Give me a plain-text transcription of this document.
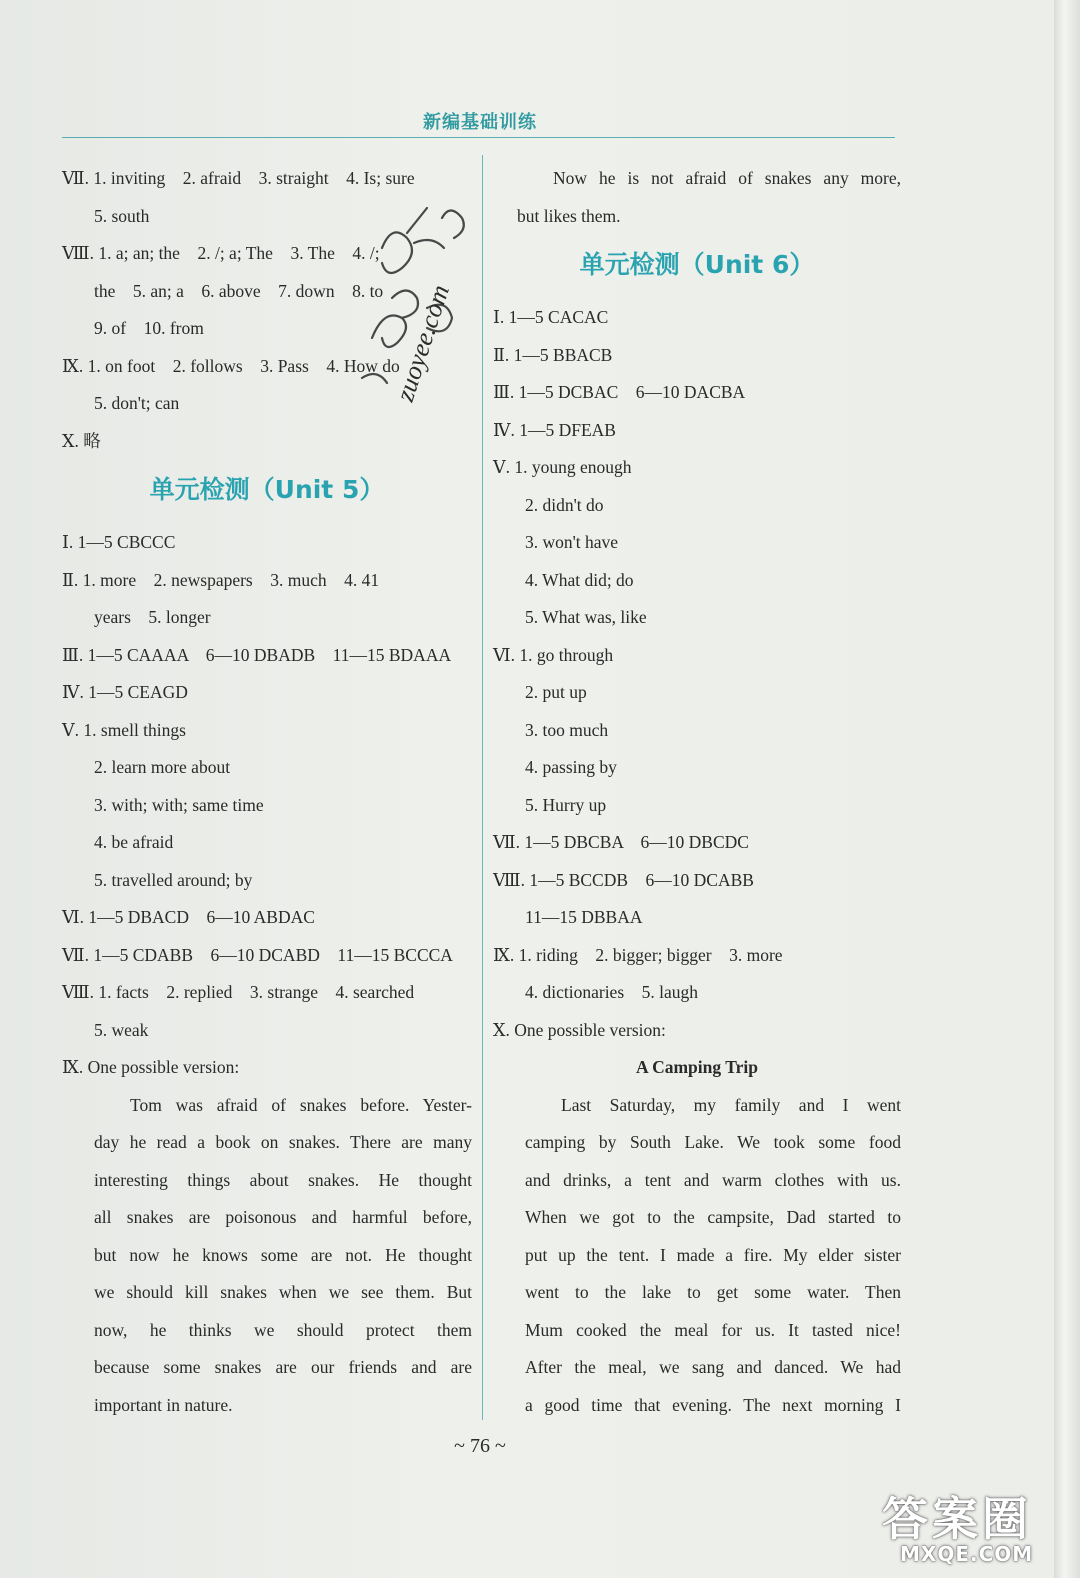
新编基础训练
Ⅶ. 1. inviting　2. afraid　3. straight　4. Is; sure
5. south
Ⅷ. 1. a; an; the　2. /; a; The　3. The　4. /;
the　5. an; a　6. above　7. down　8. to
9. of　10. from
Ⅸ. 1. on foot　2. follows　3. Pass　4. How do
5. don't; can
Ⅹ. 略
单元检测（Unit 5）
Ⅰ. 1—5 CBCCC
Ⅱ. 1. more　2. newspapers　3. much　4. 41
years　5. longer
Ⅲ. 1—5 CAAAA　6—10 DBADB　11—15 BDAAA
Ⅳ. 1—5 CEAGD
Ⅴ. 1. smell things
2. learn more about
3. with; with; same time
4. be afraid
5. travelled around; by
Ⅵ. 1—5 DBACD　6—10 ABDAC
Ⅶ. 1—5 CDABB　6—10 DCABD　11—15 BCCCA
Ⅷ. 1. facts　2. replied　3. strange　4. searched
5. weak
Ⅸ. One possible version:
Tom was afraid of snakes before. Yester-
day he read a book on snakes. There are many
interesting things about snakes. He thought
all snakes are poisonous and harmful before,
but now he knows some are not. He thought
we should kill snakes when we see them. But
now, he thinks we should protect them
because some snakes are our friends and are
important in nature.
Now he is not afraid of snakes any more,
but likes them.
单元检测（Unit 6）
Ⅰ. 1—5 CACAC
Ⅱ. 1—5 BBACB
Ⅲ. 1—5 DCBAC　6—10 DACBA
Ⅳ. 1—5 DFEAB
Ⅴ. 1. young enough
2. didn't do
3. won't have
4. What did; do
5. What was, like
Ⅵ. 1. go through
2. put up
3. too much
4. passing by
5. Hurry up
Ⅶ. 1—5 DBCBA　6—10 DBCDC
Ⅷ. 1—5 BCCDB　6—10 DCABB
11—15 DBBAA
Ⅸ. 1. riding　2. bigger; bigger　3. more
4. dictionaries　5. laugh
Ⅹ. One possible version:
A Camping Trip
Last Saturday, my family and I went
camping by South Lake. We took some food
and drinks, a tent and warm clothes with us.
When we got to the campsite, Dad started to
put up the tent. I made a fire. My elder sister
went to the lake to get some water. Then
Mum cooked the meal for us. It tasted nice!
After the meal, we sang and danced. We had
a good time that evening. The next morning I
zuoyee.com
~ 76 ~
答案圈
MXQE.COM
